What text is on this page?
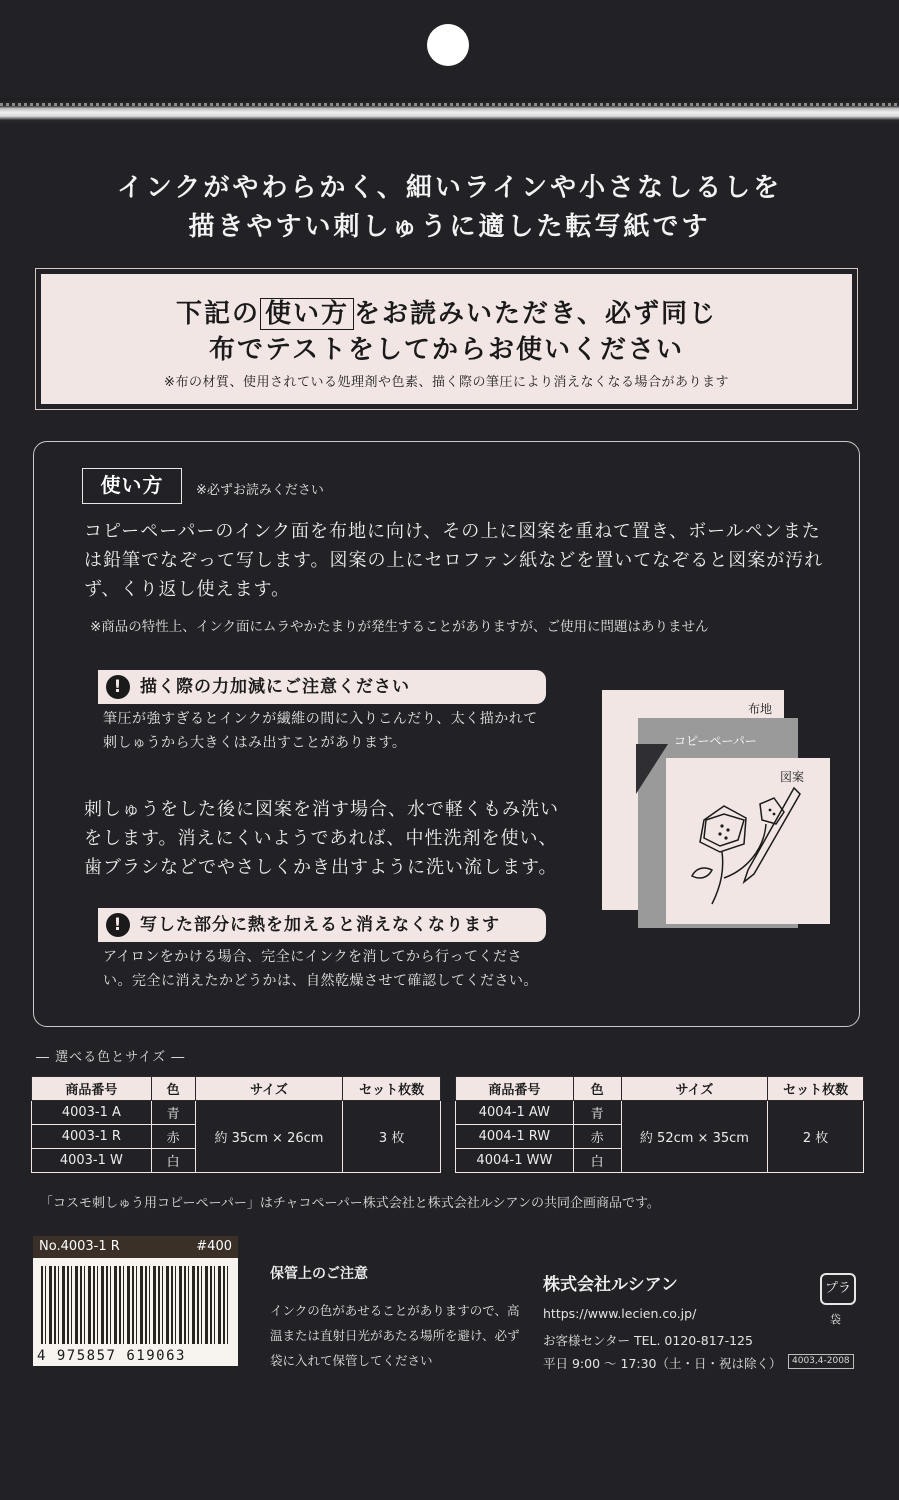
インクがやわらかく、細いラインや小さなしるしを
描きやすい刺しゅうに適した転写紙です
下記の 使い方 をお読みいただき、必ず同じ
布でテストをしてからお使いください
※布の材質、使用されている処理剤や色素、描く際の筆圧により消えなくなる場合があります
使い方	※必ずお読みください
コピーペーパーのインク面を布地に向け、その上に図案を重ねて置き、ボールペンまたは鉛筆でなぞって写します。図案の上にセロファン紙などを置いてなぞると図案が汚れず、くり返し使えます。
※商品の特性上、インク面にムラやかたまりが発生することがありますが、ご使用に問題はありません
!	描く際の力加減にご注意ください
筆圧が強すぎるとインクが繊維の間に入りこんだり、太く描かれて刺しゅうから大きくはみ出すことがあります。
刺しゅうをした後に図案を消す場合、水で軽くもみ洗いをします。消えにくいようであれば、中性洗剤を使い、歯ブラシなどでやさしくかき出すように洗い流します。
!	写した部分に熱を加えると消えなくなります
アイロンをかける場合、完全にインクを消してから行ってください。完全に消えたかどうかは、自然乾燥させて確認してください。
布地
コピーペーパー
図案
― 選べる色とサイズ ―
商品番号	色	サイズ	セット枚数
4003-1 A	青	約 35cm × 26cm	3 枚
4003-1 R	赤		
4003-1 W	白		
商品番号	色	サイズ	セット枚数
4004-1 AW	青	約 52cm × 35cm	2 枚
4004-1 RW	赤		
4004-1 WW	白		
「コスモ刺しゅう用コピーペーパー」はチャコペーパー株式会社と株式会社ルシアンの共同企画商品です。
No.4003-1 R	#400
4 975857 619063
保管上のご注意
インクの色があせることがありますので、高温または直射日光があたる場所を避け、必ず袋に入れて保管してください
株式会社ルシアン
https://www.lecien.co.jp/
お客様センター TEL. 0120-817-125
平日 9:00 ～ 17:30（土・日・祝は除く）
プラ
袋
4003,4-2008
